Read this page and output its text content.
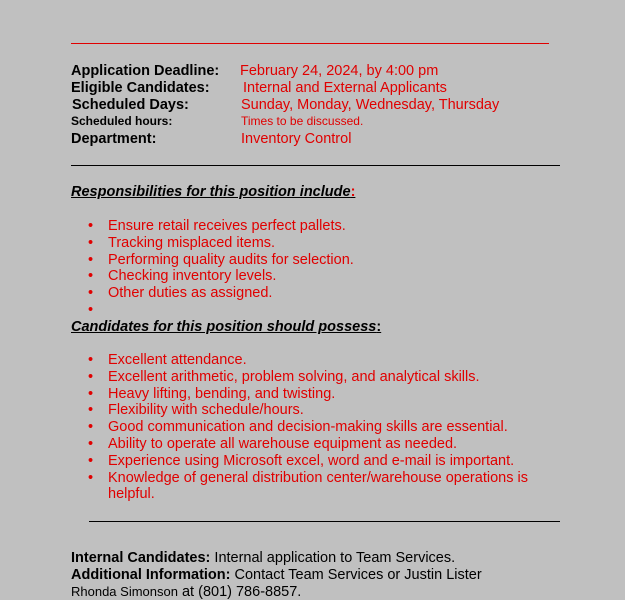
Application Deadline: February 24, 2024, by 4:00 pm
Eligible Candidates: Internal and External Applicants
Scheduled Days:	Sunday, Monday, Wednesday, Thursday
Scheduled hours:	Times to be discussed.
Department:	Inventory Control
Responsibilities for this position include:
• Ensure retail receives perfect pallets.
• Tracking misplaced items.
• Performing quality audits for selection.
• Checking inventory levels.
• Other duties as assigned.
•
Candidates for this position should possess:
• Excellent attendance.
• Excellent arithmetic, problem solving, and analytical skills.
• Heavy lifting, bending, and twisting.
• Flexibility with schedule/hours.
• Good communication and decision-making skills are essential.
• Ability to operate all warehouse equipment as needed.
• Experience using Microsoft excel, word and e-mail is important.
• Knowledge of general distribution center/warehouse operations is helpful.
Internal Candidates: Internal application to Team Services.
Additional Information: Contact Team Services or Justin Lister
Rhonda Simonson at (801) 786-8857.
